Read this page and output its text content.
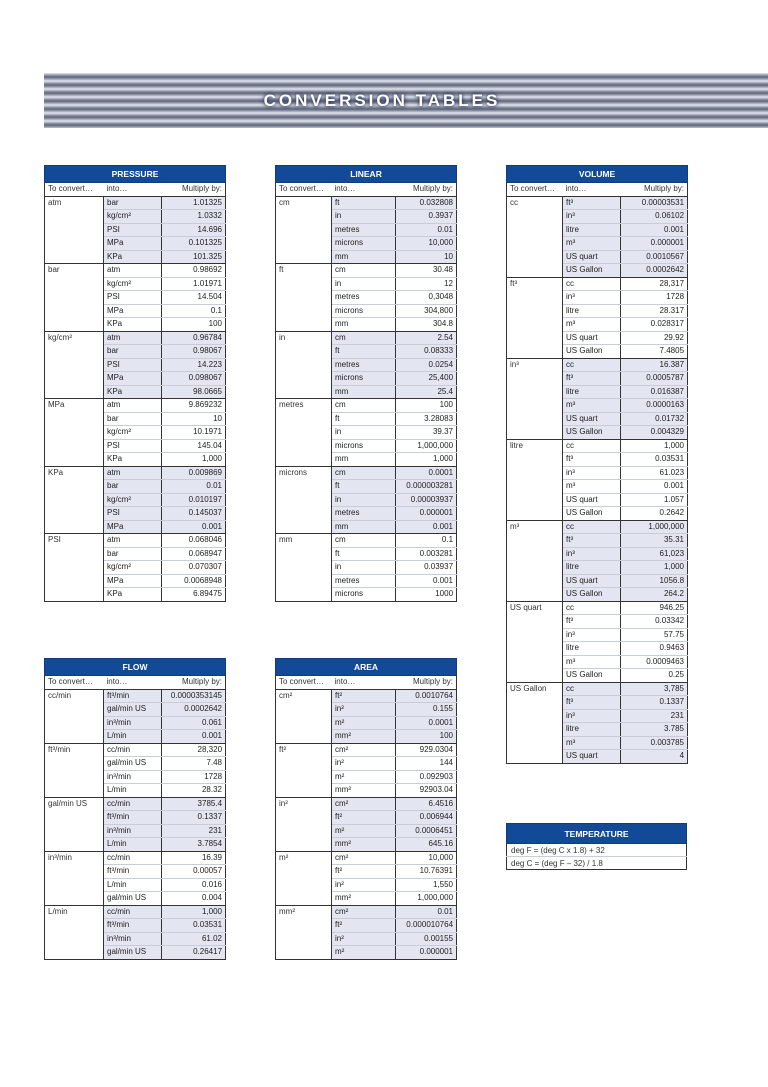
CONVERSION TABLES
PRESSURE		
To convert…	into…	Multiply by:
atm	bar	1.01325
	kg/cm²	1.0332
	PSI	14.696
	MPa	0.101325
	KPa	101.325
bar	atm	0.98692
	kg/cm²	1.01971
	PSI	14.504
	MPa	0.1
	KPa	100
kg/cm²	atm	0.96784
	bar	0.98067
	PSI	14.223
	MPa	0.098067
	KPa	98.0665
MPa	atm	9.869232
	bar	10
	kg/cm²	10.1971
	PSI	145.04
	KPa	1,000
KPa	atm	0.009869
	bar	0.01
	kg/cm²	0.010197
	PSI	0.145037
	MPa	0.001
PSI	atm	0.068046
	bar	0.068947
	kg/cm²	0.070307
	MPa	0.0068948
	KPa	6.89475
LINEAR		
To convert…	into…	Multiply by:
cm	ft	0.032808
	in	0.3937
	metres	0.01
	microns	10,000
	mm	10
ft	cm	30.48
	in	12
	metres	0,3048
	microns	304,800
	mm	304.8
in	cm	2.54
	ft	0.08333
	metres	0.0254
	microns	25,400
	mm	25.4
metres	cm	100
	ft	3.28083
	in	39.37
	microns	1,000,000
	mm	1,000
microns	cm	0.0001
	ft	0.000003281
	in	0.00003937
	metres	0.000001
	mm	0.001
mm	cm	0.1
	ft	0.003281
	in	0.03937
	metres	0.001
	microns	1000
VOLUME		
To convert…	into…	Multiply by:
cc	ft³	0.00003531
	in³	0.06102
	litre	0.001
	m³	0.000001
	US quart	0.0010567
	US Gallon	0.0002642
ft³	cc	28,317
	in³	1728
	litre	28.317
	m³	0.028317
	US quart	29.92
	US Gallon	7.4805
in³	cc	16.387
	ft³	0.0005787
	litre	0.016387
	m³	0.0000163
	US quart	0.01732
	US Gallon	0.004329
litre	cc	1,000
	ft³	0.03531
	in³	61.023
	m³	0.001
	US quart	1.057
	US Gallon	0.2642
m³	cc	1,000,000
	ft³	35.31
	in³	61,023
	litre	1,000
	US quart	1056.8
	US Gallon	264.2
US quart	cc	946.25
	ft³	0.03342
	in³	57.75
	litre	0.9463
	m³	0.0009463
	US Gallon	0.25
US Gallon	cc	3,785
	ft³	0.1337
	in³	231
	litre	3.785
	m³	0.003785
	US quart	4
FLOW		
To convert…	into…	Multiply by:
cc/min	ft³/min	0.0000353145
	gal/min US	0.0002642
	in³/min	0.061
	L/min	0.001
ft³/min	cc/min	28,320
	gal/min US	7.48
	in³/min	1728
	L/min	28.32
gal/min US	cc/min	3785.4
	ft³/min	0.1337
	in³/min	231
	L/min	3.7854
in³/min	cc/min	16.39
	ft³/min	0.00057
	L/min	0.016
	gal/min US	0.004
L/min	cc/min	1,000
	ft³/min	0.03531
	in³/min	61.02
	gal/min US	0.26417
AREA		
To convert…	into…	Multiply by:
cm²	ft²	0.0010764
	in²	0.155
	m²	0.0001
	mm²	100
ft²	cm²	929.0304
	in²	144
	m²	0.092903
	mm²	92903.04
in²	cm²	6.4516
	ft²	0.006944
	m²	0.0006451
	mm²	645.16
m²	cm²	10,000
	ft²	10.76391
	in²	1,550
	mm²	1,000,000
mm²	cm²	0.01
	ft²	0.000010764
	in²	0.00155
	m²	0.000001
TEMPERATURE
deg F = (deg C x 1.8) + 32
deg C = (deg F – 32) / 1.8
